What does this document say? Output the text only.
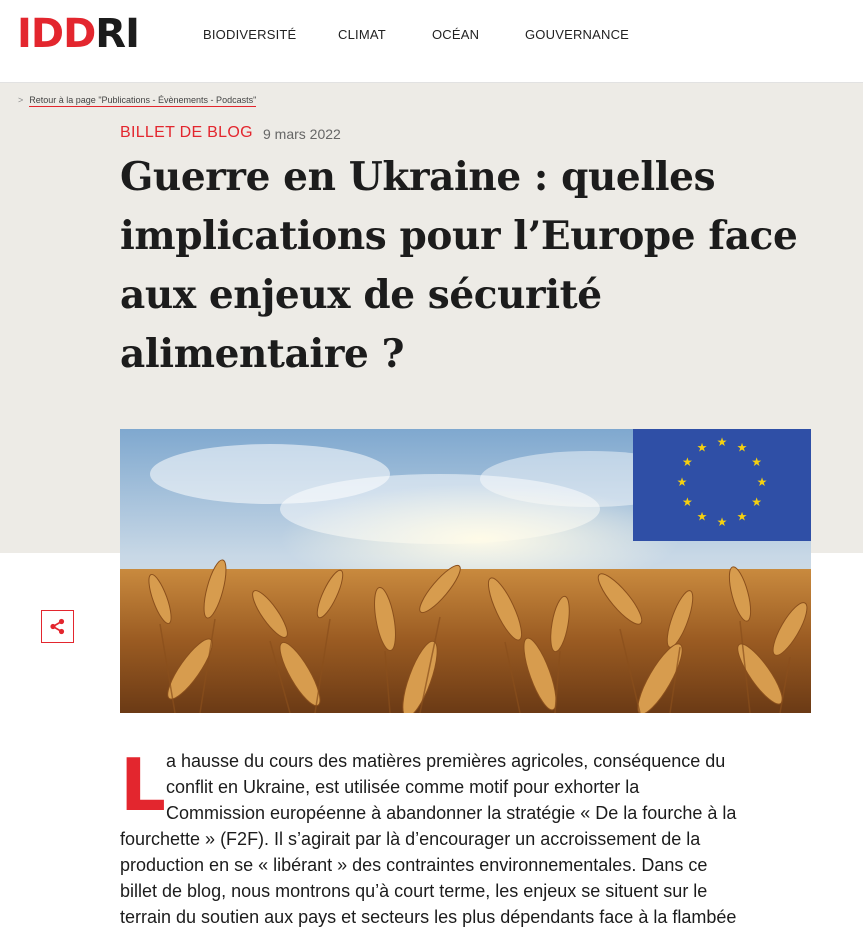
IDDRI	BIODIVERSITÉ	CLIMAT	OCÉAN	GOUVERNANCE
> Retour à la page "Publications - Évènements - Podcasts"
BILLET DE BLOG 9 mars 2022
Guerre en Ukraine : quelles implications pour l’Europe face aux enjeux de sécurité alimentaire ?
★ ★
★
★
★
★
★
★
★
★
★
★
L a hausse du cours des matières premières agricoles, conséquence du
conflit en Ukraine, est utilisée comme motif pour exhorter la
Commission européenne à abandonner la stratégie « De la fourche à la
fourchette » (F2F). Il s’agirait par là d’encourager un accroissement de la
production en se « libérant » des contraintes environnementales. Dans ce
billet de blog, nous montrons qu’à court terme, les enjeux se situent sur le
terrain du soutien aux pays et secteurs les plus dépendants face à la flambée
